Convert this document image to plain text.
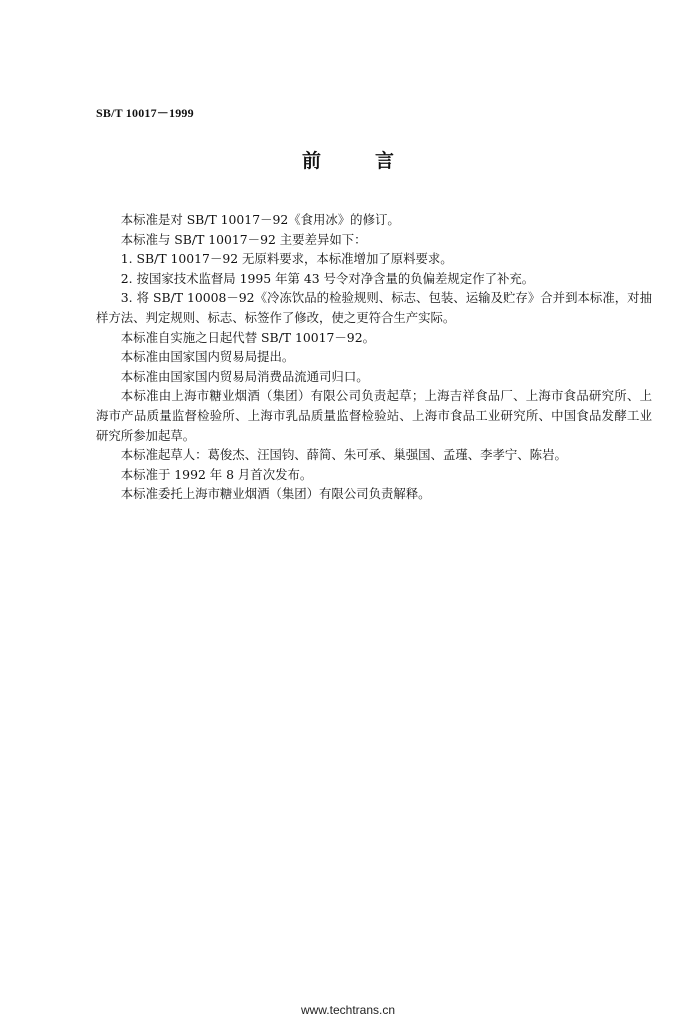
SB/T 10017－1999
前言

本标准是对 SB/T 10017－92《食用冰》的修订。

本标准与 SB/T 10017－92 主要差异如下：

1. SB/T 10017－92 无原料要求，本标准增加了原料要求。

2. 按国家技术监督局 1995 年第 43 号令对净含量的负偏差规定作了补充。

3. 将 SB/T 10008－92《冷冻饮品的检验规则、标志、包装、运输及贮存》合并到本标准，对抽样方法、判定规则、标志、标签作了修改，使之更符合生产实际。

本标准自实施之日起代替 SB/T 10017－92。

本标准由国家国内贸易局提出。

本标准由国家国内贸易局消费品流通司归口。

本标准由上海市糖业烟酒（集团）有限公司负责起草；上海吉祥食品厂、上海市食品研究所、上海市产品质量监督检验所、上海市乳品质量监督检验站、上海市食品工业研究所、中国食品发酵工业研究所参加起草。

本标准起草人：葛俊杰、汪国钧、薛简、朱可承、巢强国、孟瑾、李孝宁、陈岩。

本标准于 1992 年 8 月首次发布。

本标准委托上海市糖业烟酒（集团）有限公司负责解释。

www.techtrans.cn
